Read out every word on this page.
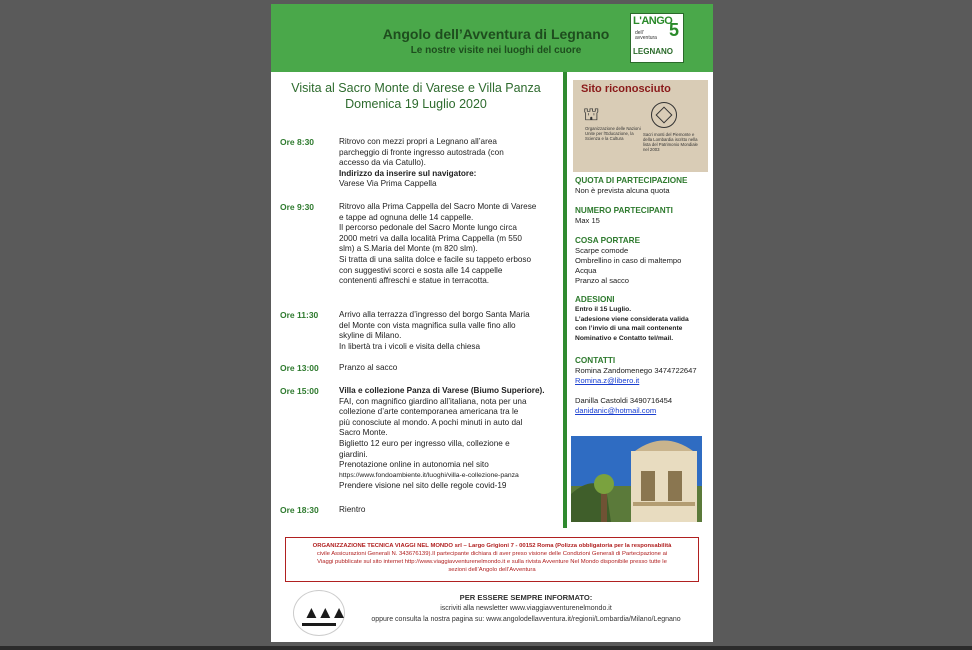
Angolo dell’Avventura di Legnano
Le nostre visite nei luoghi del cuore
L'ANGO
5
dell'
avventura
LEGNANO
Visita al Sacro Monte di Varese e Villa Panza
Domenica 19 Luglio 2020
Ore 8:30	Ritrovo con mezzi propri a Legnano all’area
parcheggio di fronte ingresso autostrada (con
accesso da via Catullo).
Indirizzo da inserire sul navigatore:
Varese Via Prima Cappella
Ore 9:30	Ritrovo alla Prima Cappella del Sacro Monte di Varese
e tappe ad ognuna delle 14 cappelle.
Il percorso pedonale del Sacro Monte lungo circa
2000 metri va dalla località Prima Cappella (m 550
slm) a S.Maria del Monte (m 820 slm).
Si tratta di una salita dolce e facile su tappeto erboso
con suggestivi scorci e sosta alle 14 cappelle
contenenti affreschi e statue in terracotta.
Ore 11:30	Arrivo alla terrazza d’ingresso del borgo Santa Maria
del Monte con vista magnifica sulla valle fino allo
skyline di Milano.
In libertà tra i vicoli e visita della chiesa
Ore 13:00	Pranzo al sacco
Ore 15:00	Villa e collezione Panza di Varese (Biumo Superiore).
FAI, con magnifico giardino all’italiana, nota per una
collezione d’arte contemporanea americana tra le
più conosciute al mondo. A pochi minuti in auto dal
Sacro Monte.
Biglietto 12 euro per ingresso villa, collezione e
giardini.
Prenotazione online in autonomia nel sito
https://www.fondoambiente.it/luoghi/villa-e-collezione-panza
Prendere visione nel sito delle regole covid-19
Ore 18:30	Rientro
Sito riconosciuto
⛫
Organizzazione delle Nazioni Unite per l'Educazione, la Scienza e la Cultura
Sacri monti del Piemonte e della Lombardia iscritto nella lista del Patrimonio Mondiale nel 2003
QUOTA DI PARTECIPAZIONE
Non è prevista alcuna quota
NUMERO PARTECIPANTI
Max 15
COSA PORTARE
Scarpe comode
Ombrellino in caso di maltempo
Acqua
Pranzo al sacco
ADESIONI
Entro il 15 Luglio.
L’adesione viene considerata valida
con l’invio di una mail contenente
Nominativo e Contatto tel/mail.
CONTATTI
Romina Zandomenego 3474722647
Romina.z@libero.it
Danilla Castoldi 3490716454
danidanic@hotmail.com
ORGANIZZAZIONE TECNICA VIAGGI NEL MONDO srl – Largo Grigioni 7 - 00152 Roma (Polizza obbligatoria per la responsabilità
civile Assicurazioni Generali N. 343676139).Il partecipante dichiara di aver preso visione delle Condizioni Generali di Partecipazione ai
Viaggi pubblicate sul sito internet http://www.viaggiavventurenelmondo.it e sulla rivista Avventure Nel Mondo disponibile presso tutte le
sezioni dell’Angolo dell’Avventura
▲▲▲
PER ESSERE SEMPRE INFORMATO:
iscriviti alla newsletter www.viaggiavventurenelmondo.it
oppure consulta la nostra pagina su: www.angolodellavventura.it/regioni/Lombardia/Milano/Legnano
